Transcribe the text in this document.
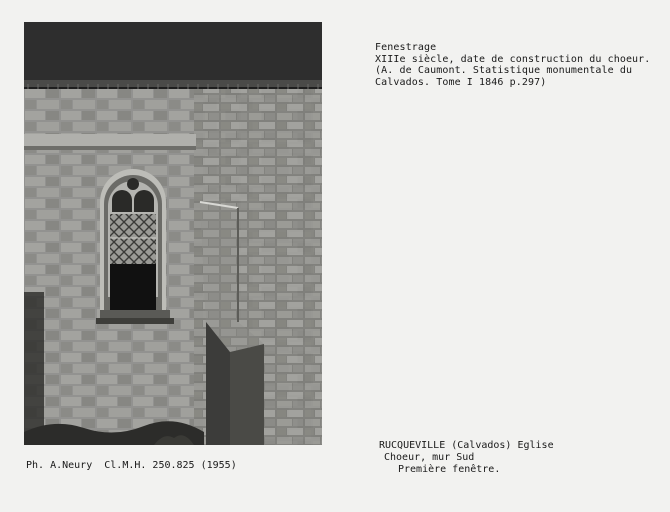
Fenestrage
XIIIe siècle, date de construction du choeur.
(A. de Caumont. Statistique monumentale du
Calvados. Tome I 1846 p.297)
RUCQUEVILLE (Calvados) Eglise
Choeur, mur Sud
Première fenêtre.
Ph. A.Neury  Cl.M.H. 250.825 (1955)
